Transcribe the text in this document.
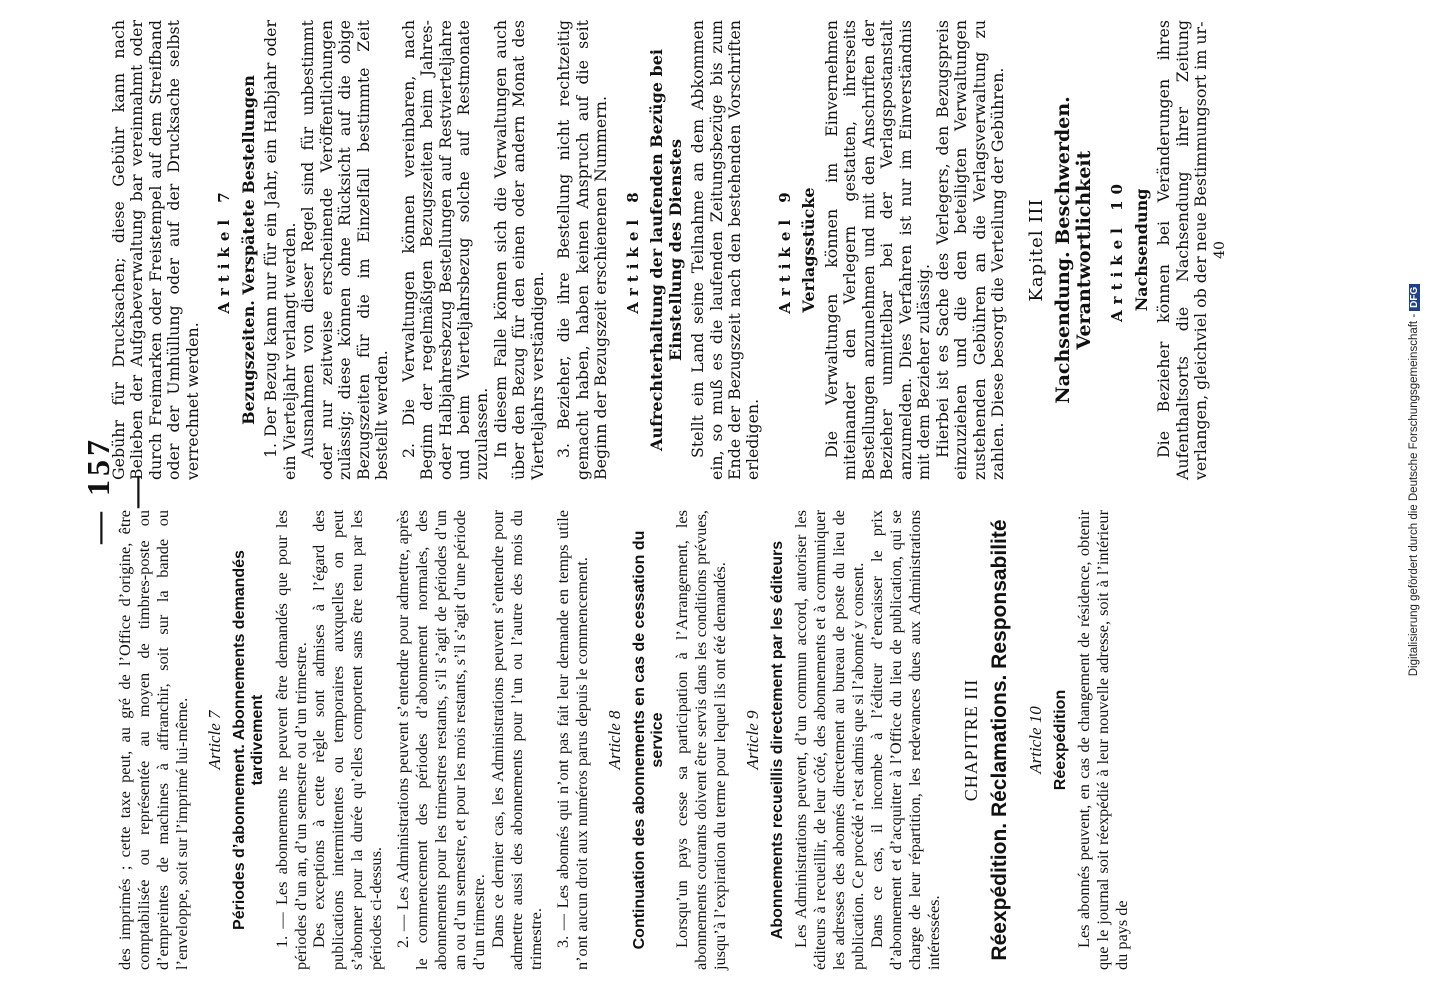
— 157 —

des imprimés ; cette taxe peut, au gré de l’Office d’origine, être comptabilisée ou représentée au moyen de timbres-poste ou d’empreintes de machines à affranchir, soit sur la bande ou l’enveloppe, soit sur l’imprimé lui-même. Article 7 Périodes d’abonnement. Abonnements demandés tardivement 1. — Les abonnements ne peuvent être demandés que pour les périodes d’un an, d’un semestre ou d’un trimestre. Des exceptions à cette règle sont admises à l’égard des publications intermittentes ou temporaires auxquelles on peut s’abonner pour la durée qu’elles comportent sans être tenu par les périodes ci-dessus. 2. — Les Administrations peuvent s’entendre pour admettre, après le commencement des périodes d’abonnement normales, des abonnements pour les trimestres restants, s’il s’agit de périodes d’un an ou d’un semestre, et pour les mois restants, s’il s’agit d’une période d’un trimestre. Dans ce dernier cas, les Administrations peuvent s’entendre pour admettre aussi des abonnements pour l’un ou l’autre des mois du trimestre. 3. — Les abonnés qui n’ont pas fait leur demande en temps utile n’ont aucun droit aux numéros parus depuis le commencement. Article 8 Continuation des abonnements en cas de cessation du service Lorsqu’un pays cesse sa participation à l’Arrangement, les abonnements courants doivent être servis dans les conditions prévues, jusqu’à l’expiration du terme pour lequel ils ont été demandés. Article 9 Abonnements recueillis directement par les éditeurs Les Administrations peuvent, d’un commun accord, autoriser les éditeurs à recueillir, de leur côté, des abonnements et à communiquer les adresses des abonnés directement au bureau de poste du lieu de publication. Ce procédé n’est admis que si l’abonné y consent. Dans ce cas, il incombe à l’éditeur d’encaisser le prix d’abonnement et d’acquitter à l’Office du lieu de publication, qui se charge de leur répartition, les redevances dues aux Administrations intéressées.

CHAPITRE III Réexpédition. Réclamations. Responsabilité Article 10 Réexpédition Les abonnés peuvent, en cas de changement de résidence, obtenir que le journal soit réexpédié à leur nouvelle adresse, soit à l’intérieur du pays de

Gebühr für Drucksachen; diese Gebühr kann nach Belieben der Aufgabeverwaltung bar vereinnahmt oder durch Freimarken oder Freistempel auf dem Streifband oder der Umhüllung oder auf der Drucksache selbst verrechnet werden.

Artikel 7 Bezugszeiten. Verspätete Bestellungen 1. Der Bezug kann nur für ein Jahr, ein Halbjahr oder ein Vierteljahr verlangt werden. Ausnahmen von dieser Regel sind für unbestimmt oder nur zeitweise erscheinende Veröffentlichungen zulässig; diese können ohne Rücksicht auf die obige Bezugszeiten für die im Einzelfall bestimmte Zeit bestellt werden. 2. Die Verwaltungen können vereinbaren, nach Beginn der regelmäßigen Bezugszeiten beim Jahres- oder Halbjahresbezug Bestellungen auf Restvierteljahre und beim Vierteljahrsbezug solche auf Restmonate zuzulassen. In diesem Falle können sich die Verwaltungen auch über den Bezug für den einen oder andern Monat des Vierteljahrs verständigen. 3. Bezieher, die ihre Bestellung nicht rechtzeitig gemacht haben, haben keinen Anspruch auf die seit Beginn der Bezugszeit erschienenen Nummern. Artikel 8 Aufrechterhaltung der laufenden Bezüge bei Einstellung des Dienstes Stellt ein Land seine Teilnahme an dem Abkommen ein, so muß es die laufenden Zeitungsbezüge bis zum Ende der Bezugszeit nach den bestehenden Vorschriften erledigen.

Artikel 9 Verlagsstücke Die Verwaltungen können im Einvernehmen miteinander den Verlegern gestatten, ihrerseits Bestellungen anzunehmen und mit den Anschriften der Bezieher unmittelbar bei der Verlagspostanstalt anzumelden. Dies Verfahren ist nur im Einverständnis mit dem Bezieher zulässig. Hierbei ist es Sache des Verlegers, den Bezugspreis einzuziehen und die den beteiligten Verwaltungen zustehenden Gebühren an die Verlagsverwaltung zu zahlen. Diese besorgt die Verteilung der Gebühren. Kapitel III Nachsendung. Beschwerden. Verantwortlichkeit Artikel 10 Nachsendung Die Bezieher können bei Veränderungen ihres Aufenthaltsorts die Nachsendung ihrer Zeitung verlangen, gleichviel ob der neue Bestimmungsort im ur- 40
Digitalisierung gefördert durch die Deutsche Forschungsgemeinschaft -DFG
